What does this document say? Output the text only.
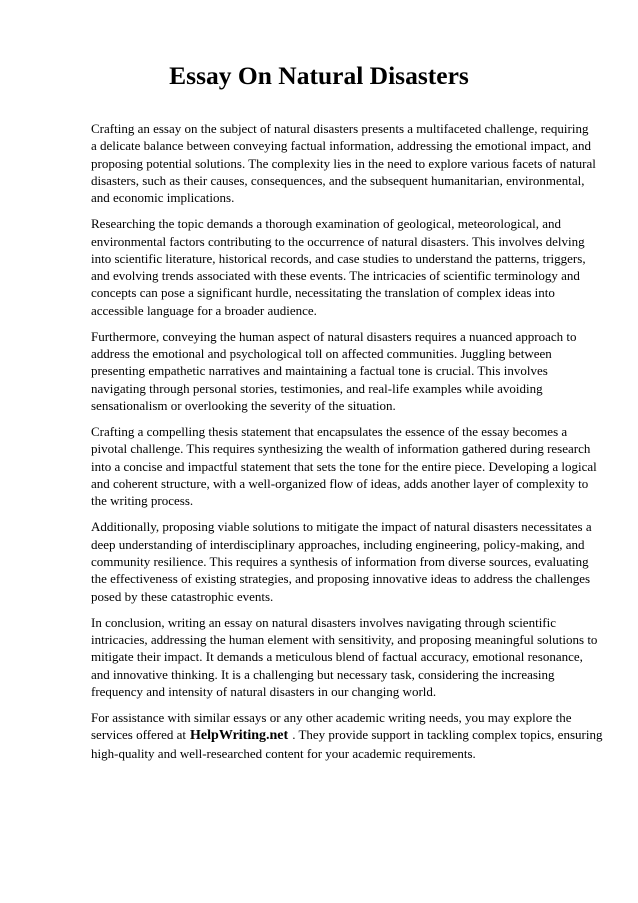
Essay On Natural Disasters

Crafting an essay on the subject of natural disasters presents a multifaceted challenge, requiring
a delicate balance between conveying factual information, addressing the emotional impact, and
proposing potential solutions. The complexity lies in the need to explore various facets of natural
disasters, such as their causes, consequences, and the subsequent humanitarian, environmental,
and economic implications.

Researching the topic demands a thorough examination of geological, meteorological, and
environmental factors contributing to the occurrence of natural disasters. This involves delving
into scientific literature, historical records, and case studies to understand the patterns, triggers,
and evolving trends associated with these events. The intricacies of scientific terminology and
concepts can pose a significant hurdle, necessitating the translation of complex ideas into
accessible language for a broader audience.

Furthermore, conveying the human aspect of natural disasters requires a nuanced approach to
address the emotional and psychological toll on affected communities. Juggling between
presenting empathetic narratives and maintaining a factual tone is crucial. This involves
navigating through personal stories, testimonies, and real-life examples while avoiding
sensationalism or overlooking the severity of the situation.

Crafting a compelling thesis statement that encapsulates the essence of the essay becomes a
pivotal challenge. This requires synthesizing the wealth of information gathered during research
into a concise and impactful statement that sets the tone for the entire piece. Developing a logical
and coherent structure, with a well-organized flow of ideas, adds another layer of complexity to
the writing process.

Additionally, proposing viable solutions to mitigate the impact of natural disasters necessitates a
deep understanding of interdisciplinary approaches, including engineering, policy-making, and
community resilience. This requires a synthesis of information from diverse sources, evaluating
the effectiveness of existing strategies, and proposing innovative ideas to address the challenges
posed by these catastrophic events.

In conclusion, writing an essay on natural disasters involves navigating through scientific
intricacies, addressing the human element with sensitivity, and proposing meaningful solutions to
mitigate their impact. It demands a meticulous blend of factual accuracy, emotional resonance,
and innovative thinking. It is a challenging but necessary task, considering the increasing
frequency and intensity of natural disasters in our changing world.

For assistance with similar essays or any other academic writing needs, you may explore the
services offered at HelpWriting.net . They provide support in tackling complex topics, ensuring
high-quality and well-researched content for your academic requirements.
